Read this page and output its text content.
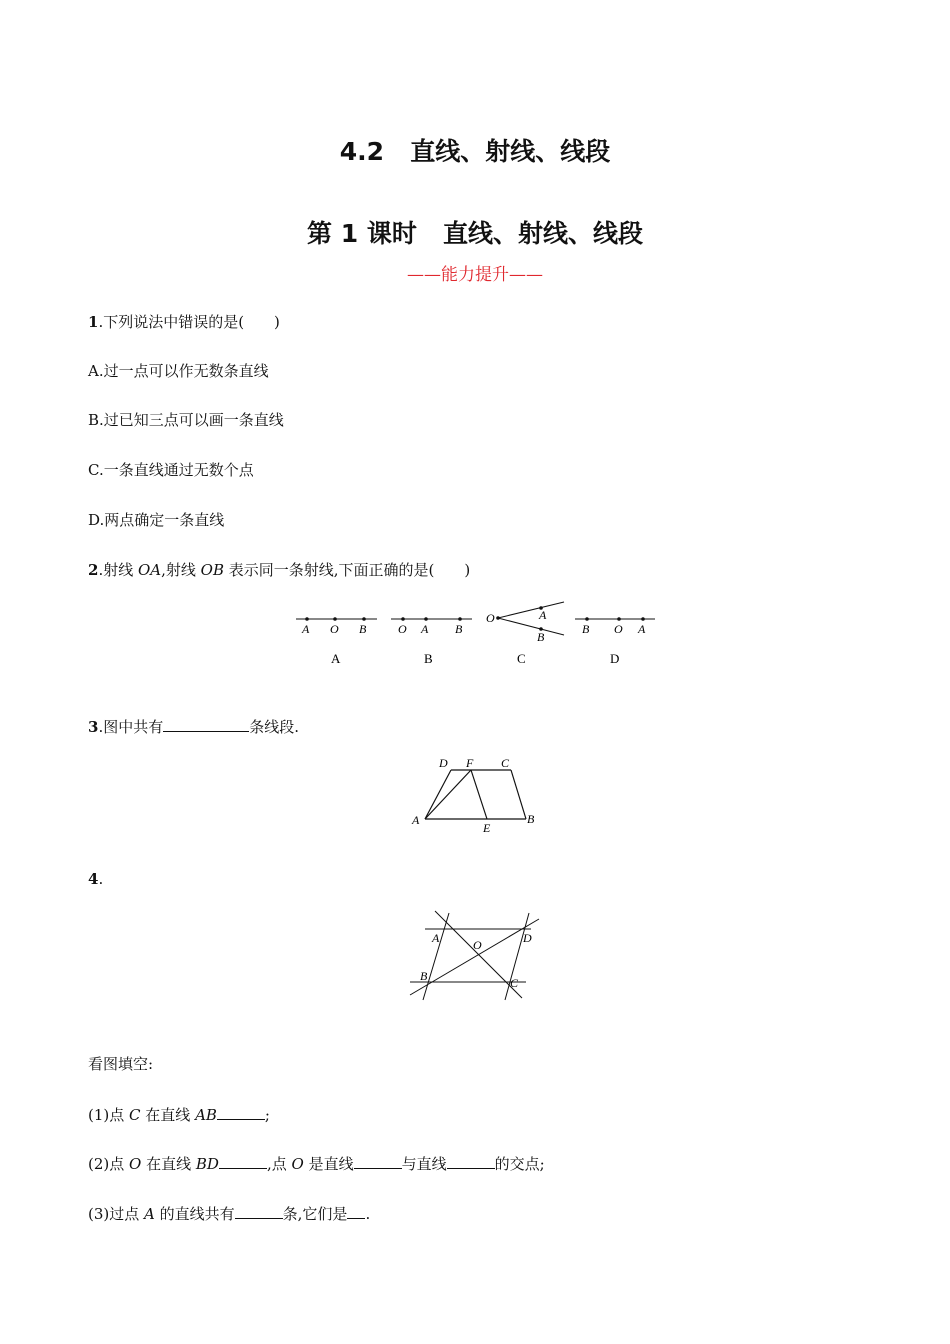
4.2 直线、射线、线段
第 1 课时 直线、射线、线段
——能力提升——
1.下列说法中错误的是(　　)
A.过一点可以作无数条直线
B.过已知三点可以画一条直线
C.一条直线通过无数个点
D.两点确定一条直线
2.射线 OA,射线 OB 表示同一条射线,下面正确的是(　　)
A O B
A
O A B
B
O	A
B
C
B O A
D
3.图中共有	条线段.
D F C
A
E
B
4.
A	O	D
B	C
看图填空:
(1)点 C 在直线 AB	;
(2)点 O 在直线 BD	,点 O 是直线	与直线	的交点;
(3)过点 A 的直线共有	条,它们是 .
